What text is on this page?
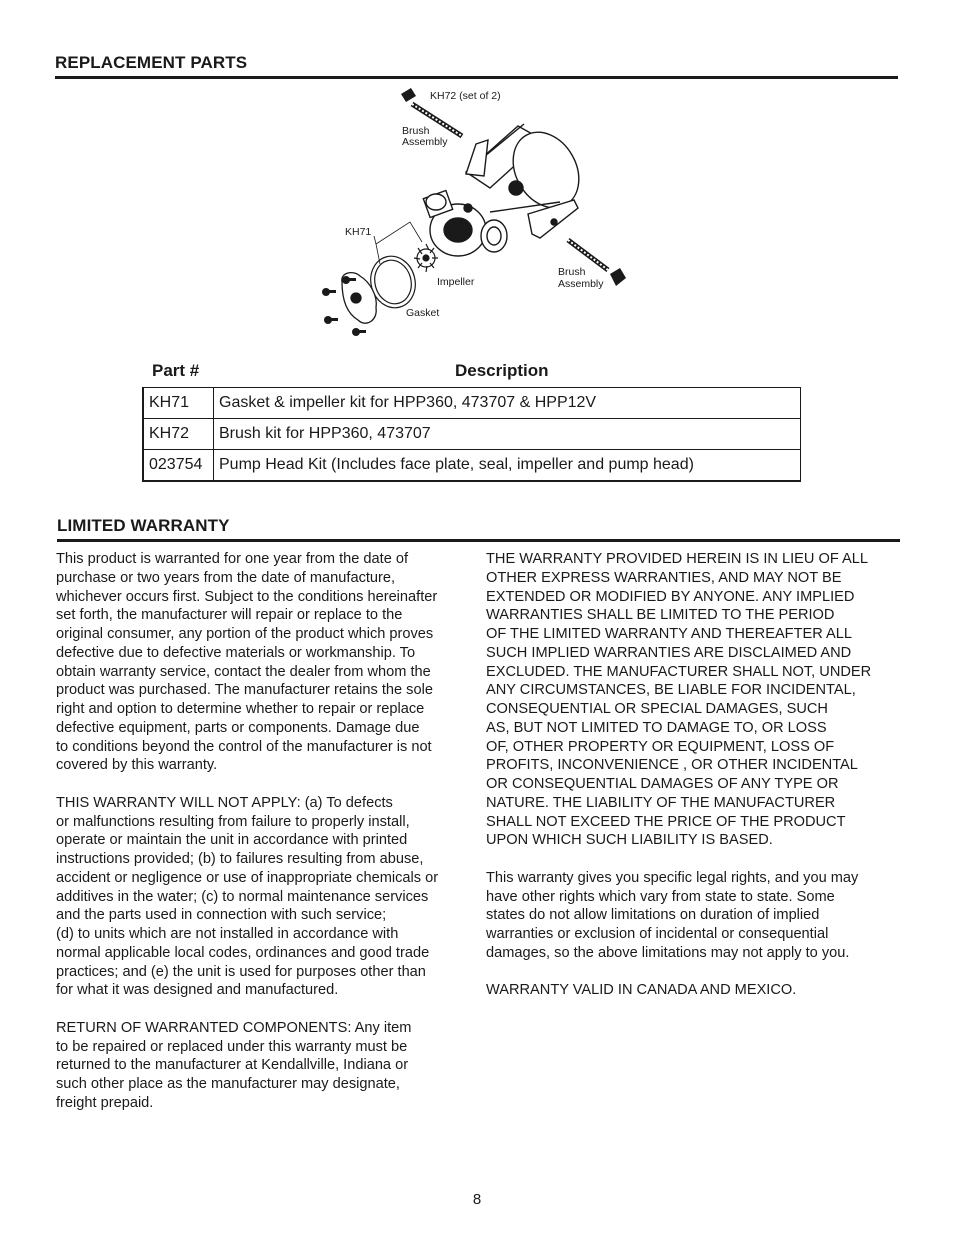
REPLACEMENT PARTS
KH72 (set of 2)
Brush
Assembly
KH71
Impeller
Gasket
Brush
Assembly
Part #	Description
KH71	Gasket & impeller kit for HPP360, 473707 & HPP12V
KH72	Brush kit for HPP360, 473707
023754	Pump Head Kit (Includes face plate, seal, impeller and pump head)
LIMITED WARRANTY

This product is warranted for one year from the date of
purchase or two years from the date of manufacture,
whichever occurs first. Subject to the conditions hereinafter
set forth, the manufacturer will repair or replace to the
original consumer, any portion of the product which proves
defective due to defective materials or workmanship. To
obtain warranty service, contact the dealer from whom the
product was purchased. The manufacturer retains the sole
right and option to determine whether to repair or replace
defective equipment, parts or components. Damage due
to conditions beyond the control of the manufacturer is not
covered by this warranty.

THIS WARRANTY WILL NOT APPLY: (a) To defects
or malfunctions resulting from failure to properly install,
operate or maintain the unit in accordance with printed
instructions provided; (b) to failures resulting from abuse,
accident or negligence or use of inappropriate chemicals or
additives in the water; (c) to normal maintenance services
and the parts used in connection with such service;
(d) to units which are not installed in accordance with
normal applicable local codes, ordinances and good trade
practices; and (e) the unit is used for purposes other than
for what it was designed and manufactured.

RETURN OF WARRANTED COMPONENTS: Any item
to be repaired or replaced under this warranty must be
returned to the manufacturer at Kendallville, Indiana or
such other place as the manufacturer may designate,
freight prepaid.

THE WARRANTY PROVIDED HEREIN IS IN LIEU OF ALL
OTHER EXPRESS WARRANTIES, AND MAY NOT BE
EXTENDED OR MODIFIED BY ANYONE. ANY IMPLIED
WARRANTIES SHALL BE LIMITED TO THE PERIOD
OF THE LIMITED WARRANTY AND THEREAFTER ALL
SUCH IMPLIED WARRANTIES ARE DISCLAIMED AND
EXCLUDED. THE MANUFACTURER SHALL NOT, UNDER
ANY CIRCUMSTANCES, BE LIABLE FOR INCIDENTAL,
CONSEQUENTIAL OR SPECIAL DAMAGES, SUCH
AS, BUT NOT LIMITED TO DAMAGE TO, OR LOSS
OF, OTHER PROPERTY OR EQUIPMENT, LOSS OF
PROFITS, INCONVENIENCE , OR OTHER INCIDENTAL
OR CONSEQUENTIAL DAMAGES OF ANY TYPE OR
NATURE. THE LIABILITY OF THE MANUFACTURER
SHALL NOT EXCEED THE PRICE OF THE PRODUCT
UPON WHICH SUCH LIABILITY IS BASED.

This warranty gives you specific legal rights, and you may
have other rights which vary from state to state. Some
states do not allow limitations on duration of implied
warranties or exclusion of incidental or consequential
damages, so the above limitations may not apply to you.

WARRANTY VALID IN CANADA AND MEXICO.

8
